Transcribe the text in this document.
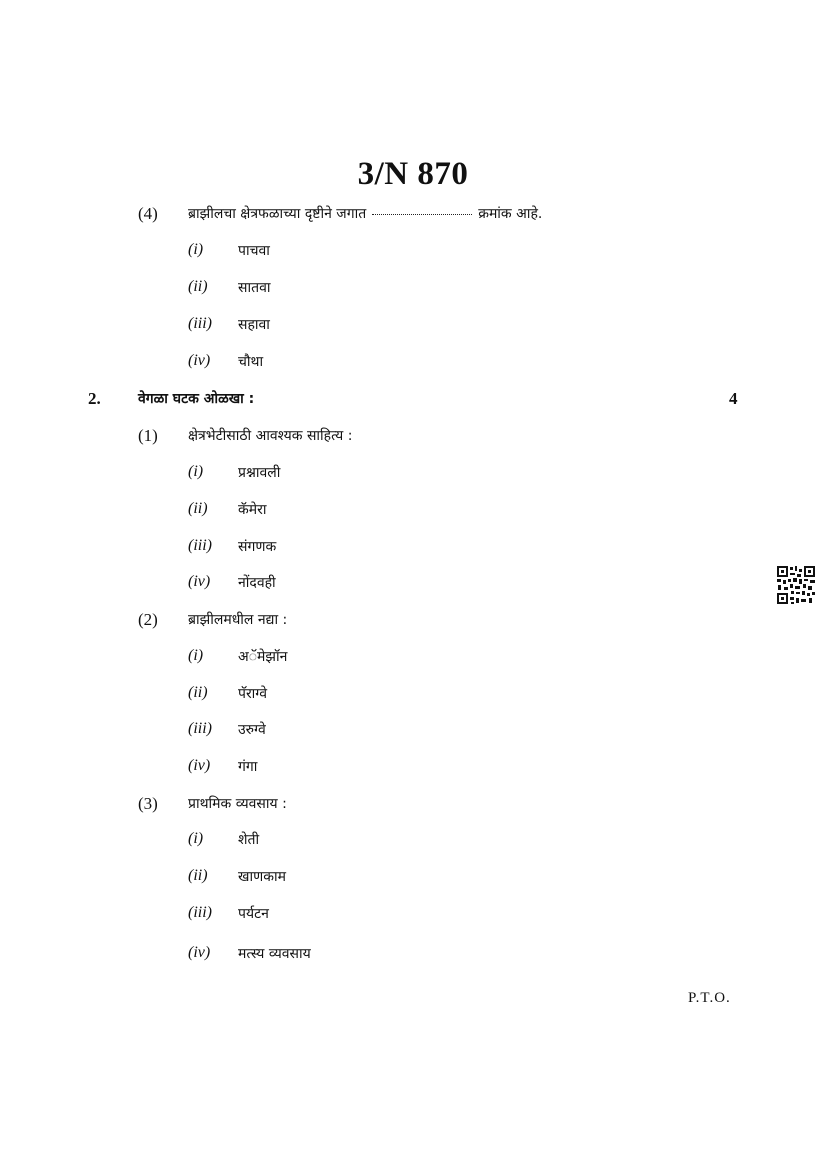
3/N 870
(4) ब्राझीलचा क्षेत्रफळाच्या दृष्टीने जगात	क्रमांक आहे.
(i) पाचवा
(ii) सातवा
(iii) सहावा
(iv) चौथा
2.	वेगळा घटक ओळखा :	4
(1) क्षेत्रभेटीसाठी आवश्यक साहित्य :
(i) प्रश्नावली
(ii) कॅमेरा
(iii) संगणक
(iv) नोंदवही
(2) ब्राझीलमधील नद्या :
(i) अॅमेझॉन
(ii) पॅराग्वे
(iii) उरुग्वे
(iv) गंगा
(3) प्राथमिक व्यवसाय :
(i) शेती
(ii) खाणकाम
(iii) पर्यटन
(iv) मत्स्य व्यवसाय
P.T.O.
